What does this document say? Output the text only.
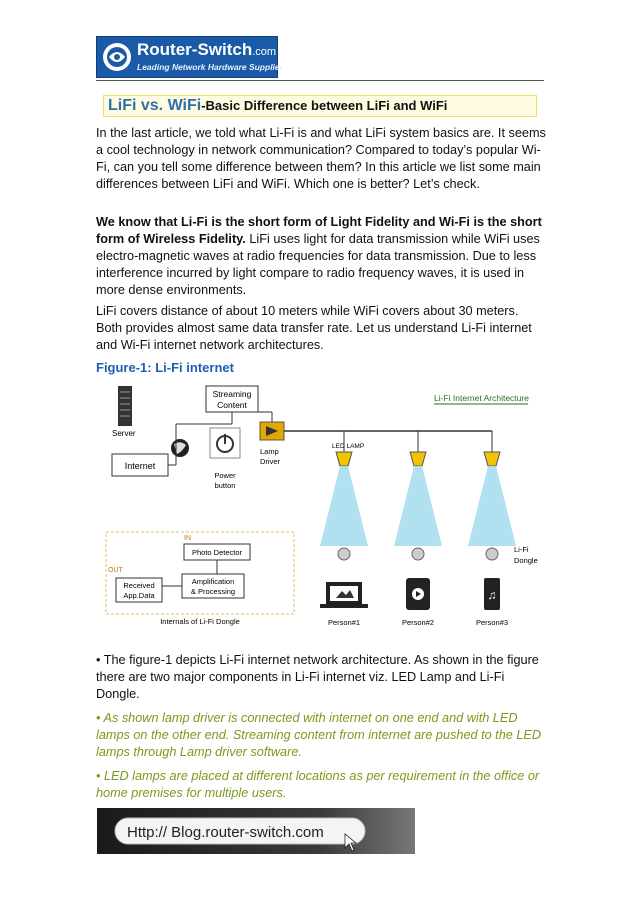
Router-Switch.com
Leading Network Hardware Supplier
LiFi vs. WiFi-Basic Difference between LiFi and WiFi

In the last article, we told what Li-Fi is and what LiFi system basics are. It seems a cool technology in network communication? Compared to today’s popular Wi-Fi, can you tell some difference between them? In this article we list some main differences between LiFi and WiFi. Which one is better? Let’s check.

We know that Li-Fi is the short form of Light Fidelity and Wi-Fi is the short form of Wireless Fidelity. LiFi uses light for data transmission while WiFi uses electro-magnetic waves at radio frequencies for data transmission. Due to less interference incurred by light compare to radio frequency waves, it is used in more dense environments.

LiFi covers distance of about 10 meters while WiFi covers about 30 meters. Both provides almost same data transfer rate. Let us understand Li-Fi internet and Wi-Fi internet network architectures.

Figure-1: Li-Fi internet
Server
Streaming
Content
Li-Fi Internet Architecture
Internet
Power
button
Lamp
Driver
LED LAMP
Li-Fi
Dongle
♫
Person#1	Person#2	Person#3
IN
OUT
Photo Detector
Amplification
& Processing
Received
App.Data
Internals of Li-Fi Dongle

• The figure-1 depicts Li-Fi internet network architecture. As shown in the figure there are two major components in Li-Fi internet viz. LED Lamp and Li-Fi Dongle.

• As shown lamp driver is connected with internet on one end and with LED lamps on the other end. Streaming content from internet are pushed to the LED lamps through Lamp driver software.

• LED lamps are placed at different locations as per requirement in the office or home premises for multiple users.

Http:// Blog.router-switch.com
